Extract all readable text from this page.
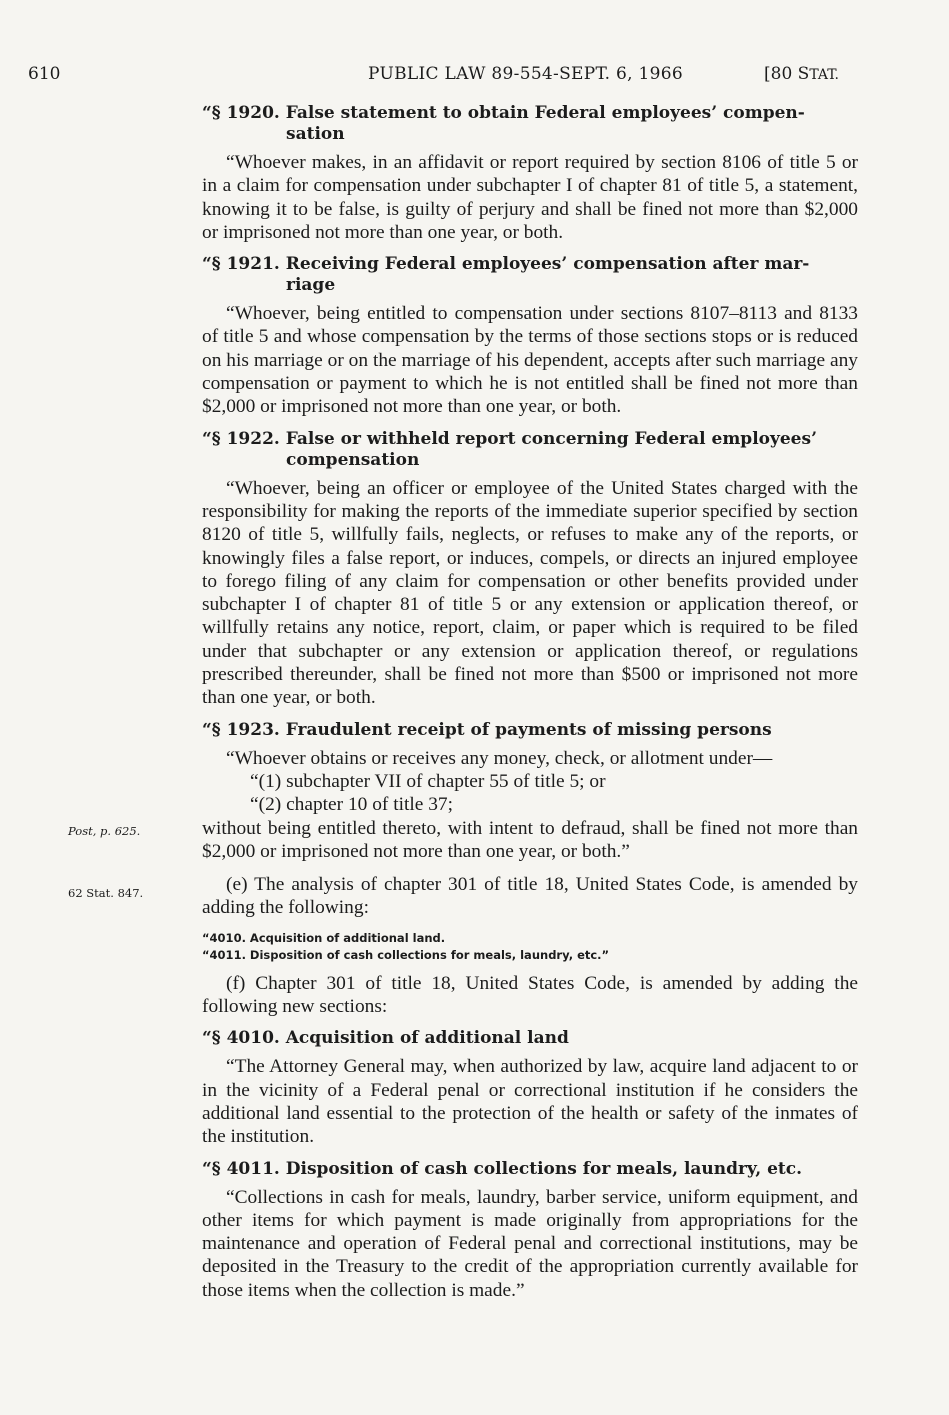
610	PUBLIC LAW 89-554-SEPT. 6, 1966	[80 STAT.
Post, p. 625.
62 Stat. 847.
“§ 1920. False statement to obtain Federal employees’ compen-
sation

“Whoever makes, in an affidavit or report required by section 8106 of title 5 or in a claim for compensation under subchapter I of chapter 81 of title 5, a statement, knowing it to be false, is guilty of perjury and shall be fined not more than $2,000 or imprisoned not more than one year, or both.

“§ 1921. Receiving Federal employees’ compensation after mar-
riage

“Whoever, being entitled to compensation under sections 8107–8113 and 8133 of title 5 and whose compensation by the terms of those sections stops or is reduced on his marriage or on the marriage of his dependent, accepts after such marriage any compensation or payment to which he is not entitled shall be fined not more than $2,000 or imprisoned not more than one year, or both.

“§ 1922. False or withheld report concerning Federal employees’
compensation

“Whoever, being an officer or employee of the United States charged with the responsibility for making the reports of the immediate superior specified by section 8120 of title 5, willfully fails, neglects, or refuses to make any of the reports, or knowingly files a false report, or induces, compels, or directs an injured employee to forego filing of any claim for compensation or other benefits provided under subchapter I of chapter 81 of title 5 or any extension or application thereof, or willfully retains any notice, report, claim, or paper which is required to be filed under that subchapter or any extension or application thereof, or regulations prescribed thereunder, shall be fined not more than $500 or imprisoned not more than one year, or both.

“§ 1923. Fraudulent receipt of payments of missing persons

“Whoever obtains or receives any money, check, or allotment under—

“(1) subchapter VII of chapter 55 of title 5; or

“(2) chapter 10 of title 37;

without being entitled thereto, with intent to defraud, shall be fined not more than $2,000 or imprisoned not more than one year, or both.”

(e) The analysis of chapter 301 of title 18, United States Code, is amended by adding the following:

“4010. Acquisition of additional land.
“4011. Disposition of cash collections for meals, laundry, etc.”

(f) Chapter 301 of title 18, United States Code, is amended by adding the following new sections:

“§ 4010. Acquisition of additional land

“The Attorney General may, when authorized by law, acquire land adjacent to or in the vicinity of a Federal penal or correctional institution if he considers the additional land essential to the protection of the health or safety of the inmates of the institution.

“§ 4011. Disposition of cash collections for meals, laundry, etc.

“Collections in cash for meals, laundry, barber service, uniform equipment, and other items for which payment is made originally from appropriations for the maintenance and operation of Federal penal and correctional institutions, may be deposited in the Treasury to the credit of the appropriation currently available for those items when the collection is made.”
